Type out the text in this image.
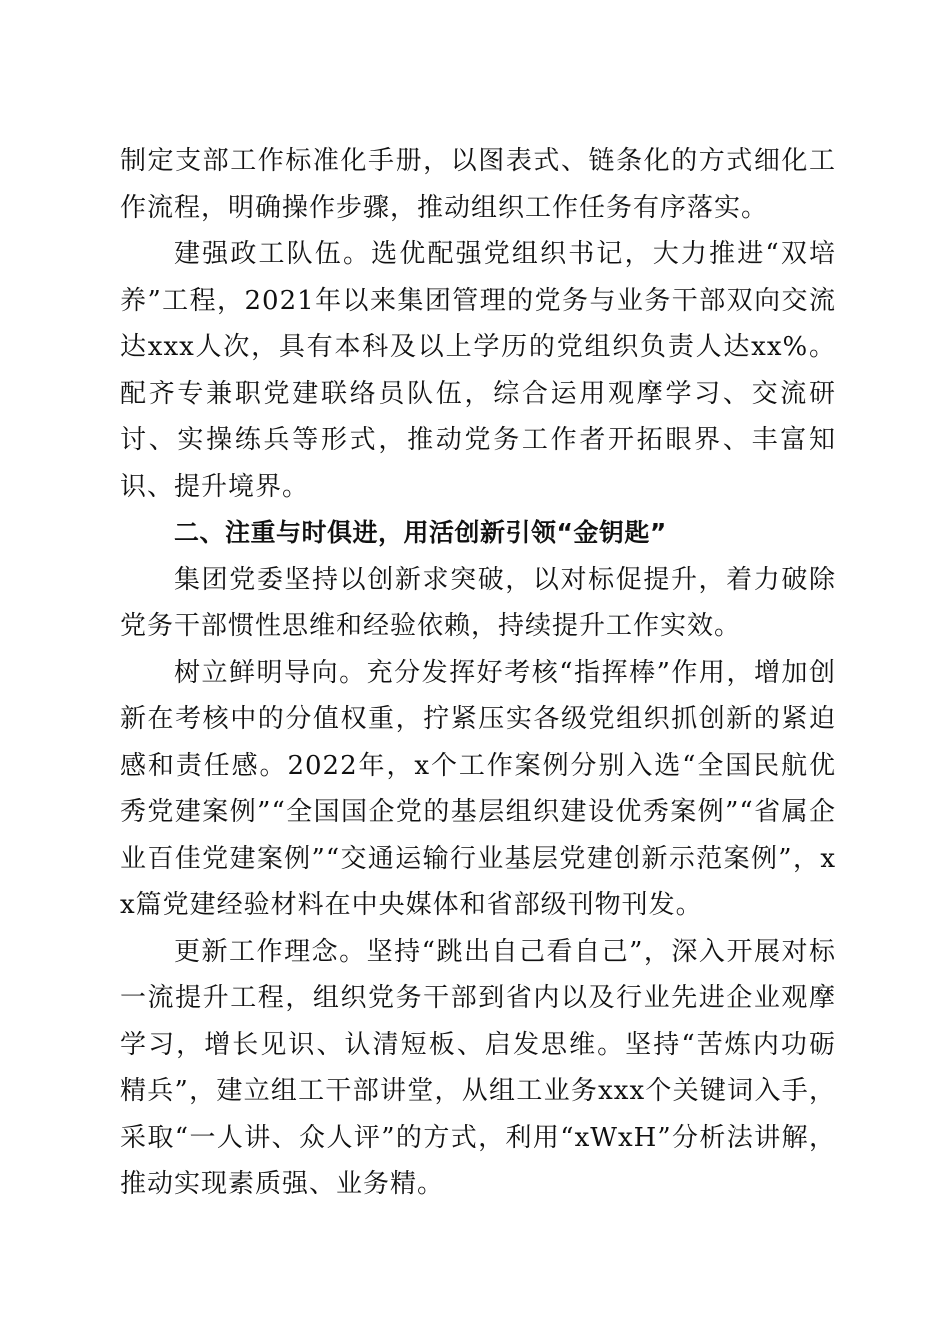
制定支部工作标准化手册，以图表式、链条化的方式细化工作流程，明确操作步骤，推动组织工作任务有序落实。

建强政工队伍。选优配强党组织书记，大力推进“双培养”工程，2021年以来集团管理的党务与业务干部双向交流达xxx人次，具有本科及以上学历的党组织负责人达xx%。配齐专兼职党建联络员队伍，综合运用观摩学习、交流研讨、实操练兵等形式，推动党务工作者开拓眼界、丰富知识、提升境界。

二、注重与时俱进，用活创新引领“金钥匙”

集团党委坚持以创新求突破，以对标促提升，着力破除党务干部惯性思维和经验依赖，持续提升工作实效。

树立鲜明导向。充分发挥好考核“指挥棒”作用，增加创新在考核中的分值权重，拧紧压实各级党组织抓创新的紧迫感和责任感。2022年，x个工作案例分别入选“全国民航优秀党建案例”“全国国企党的基层组织建设优秀案例”“省属企业百佳党建案例”“交通运输行业基层党建创新示范案例”，xx篇党建经验材料在中央媒体和省部级刊物刊发。

更新工作理念。坚持“跳出自己看自己”，深入开展对标一流提升工程，组织党务干部到省内以及行业先进企业观摩学习，增长见识、认清短板、启发思维。坚持“苦炼内功砺精兵”，建立组工干部讲堂，从组工业务xxx个关键词入手，采取“一人讲、众人评”的方式，利用“xWxH”分析法讲解，推动实现素质强、业务精。
